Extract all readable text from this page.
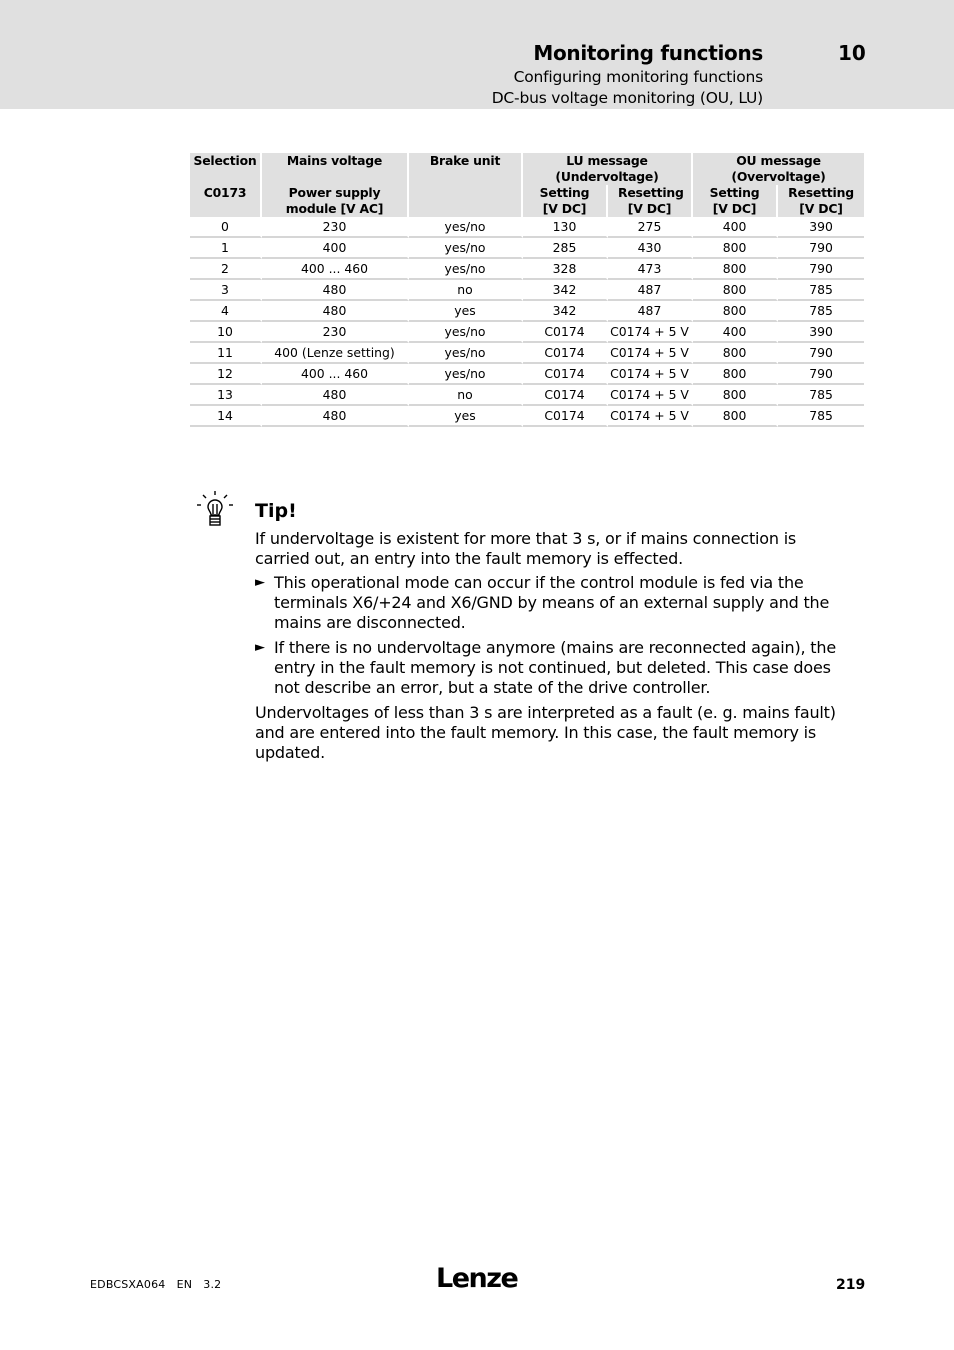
Monitoring functions	10
Configuring monitoring functions
DC-bus voltage monitoring (OU, LU)
Selection	Mains voltage	Brake unit	LU message (Undervoltage)		OU message (Overvoltage)	
C0173	Power supply module [V AC]		Setting [V DC]	Resetting [V DC]	Setting [V DC]	Resetting [V DC]
0	230	yes/no	130	275	400	390
1	400	yes/no	285	430	800	790
2	400 ... 460	yes/no	328	473	800	790
3	480	no	342	487	800	785
4	480	yes	342	487	800	785
10	230	yes/no	C0174	C0174 + 5 V	400	390
11	400 (Lenze setting)	yes/no	C0174	C0174 + 5 V	800	790
12	400 ... 460	yes/no	C0174	C0174 + 5 V	800	790
13	480	no	C0174	C0174 + 5 V	800	785
14	480	yes	C0174	C0174 + 5 V	800	785
Tip!

If undervoltage is existent for more that 3 s, or if mains connection is carried out, an entry into the fault memory is effected.

► This operational mode can occur if the control module is fed via the terminals X6/+24 and X6/GND by means of an external supply and the mains are disconnected.
► If there is no undervoltage anymore (mains are reconnected again), the entry in the fault memory is not continued, but deleted. This case does not describe an error, but a state of the drive controller.

Undervoltages of less than 3 s are interpreted as a fault (e. g. mains fault) and are entered into the fault memory. In this case, the fault memory is updated.

EDBCSXA064   EN   3.2	Lenze	219
